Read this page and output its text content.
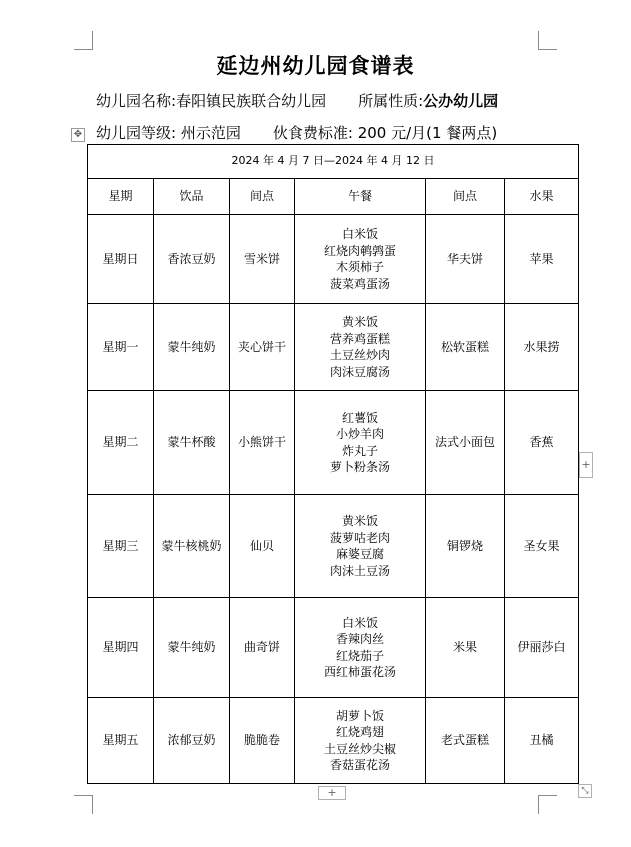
延边州幼儿园食谱表
幼儿园名称:春阳镇民族联合幼儿园 所属性质:公办幼儿园
幼儿园等级: 州示范园 伙食费标准: 200 元/月(1 餐两点)
✥
2024 年 4 月 7 日—2024 年 4 月 12 日					
星期	饮品	间点	午餐	间点	水果
星期日	香浓豆奶	雪米饼	白米饭
红烧肉鹌鹑蛋
木须柿子
菠菜鸡蛋汤	华夫饼	苹果
星期一	蒙牛纯奶	夹心饼干	黄米饭
营养鸡蛋糕
土豆丝炒肉
肉沫豆腐汤	松软蛋糕	水果捞
星期二	蒙牛杯酸	小熊饼干	红薯饭
小炒羊肉
炸丸子
萝卜粉条汤	法式小面包	香蕉
星期三	蒙牛核桃奶	仙贝	黄米饭
菠萝咕老肉
麻婆豆腐
肉沫土豆汤	铜锣烧	圣女果
星期四	蒙牛纯奶	曲奇饼	白米饭
香辣肉丝
红烧茄子
西红柿蛋花汤	米果	伊丽莎白
星期五	浓郁豆奶	脆脆卷	胡萝卜饭
红烧鸡翅
土豆丝炒尖椒
香菇蛋花汤	老式蛋糕	丑橘
+
+	⤡
